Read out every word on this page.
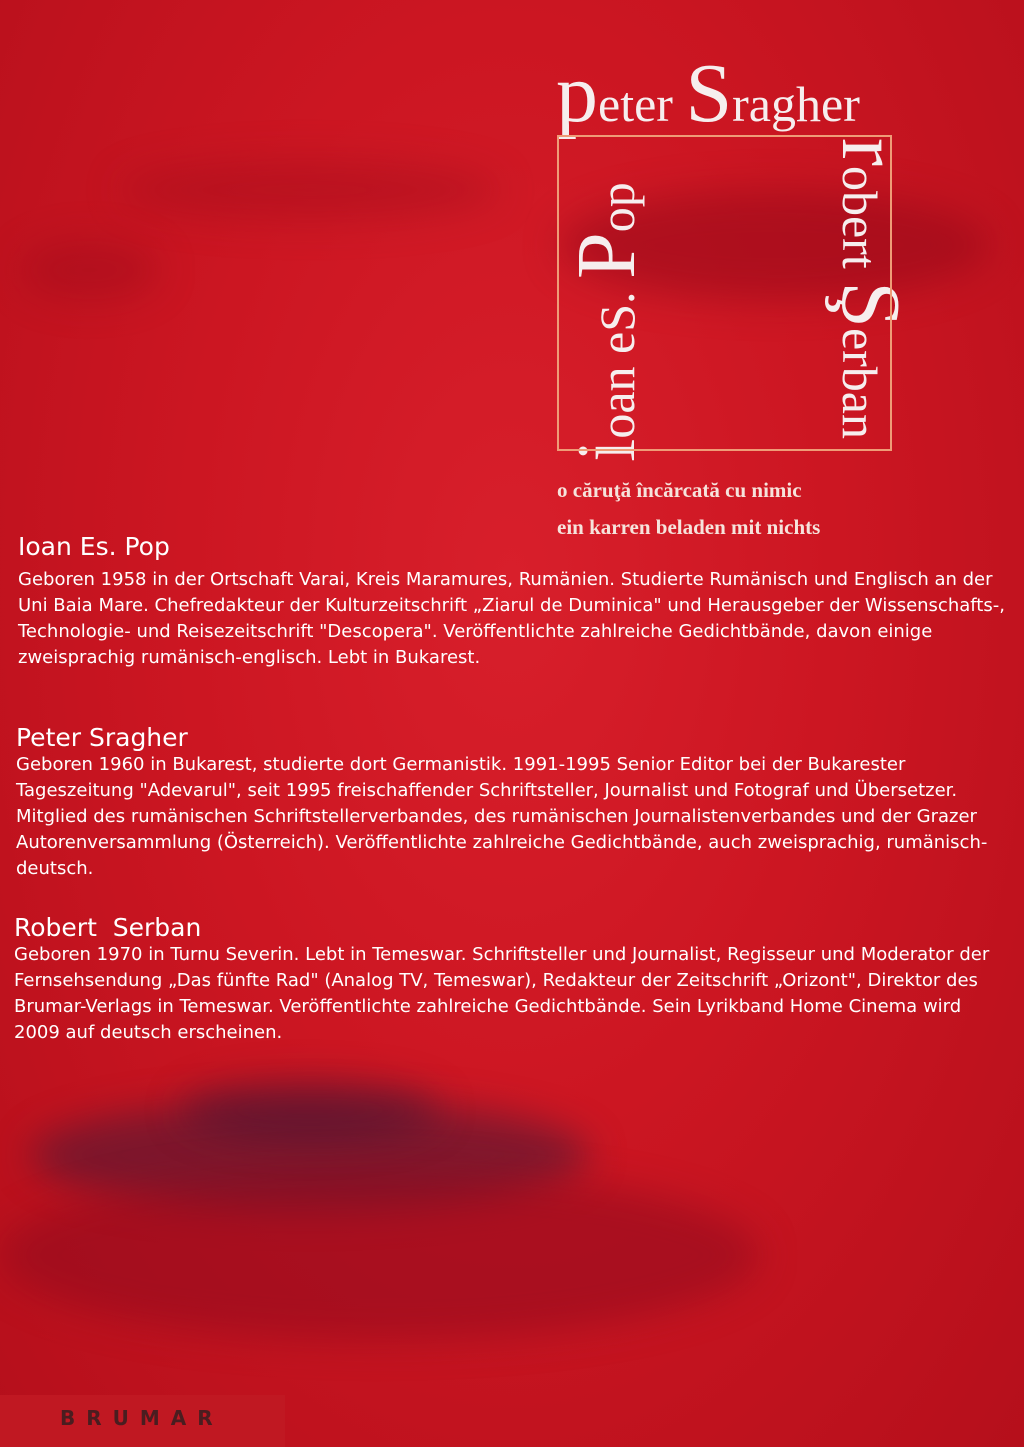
peter Sragher
ioan eS. Pop
robert Şerban
o căruţă încărcată cu nimic
ein karren beladen mit nichts
Ioan Es. Pop

Geboren 1958 in der Ortschaft Varai, Kreis Maramures, Rumänien. Studierte Rumänisch und Englisch an der Uni Baia Mare. Chefredakteur der Kulturzeitschrift „Ziarul de Duminica" und Herausgeber der Wissenschafts-, Technologie- und Reisezeitschrift "Descopera". Veröffentlichte zahlreiche Gedichtbände, davon einige zweisprachig rumänisch-englisch. Lebt in Bukarest.

Peter Sragher

Geboren 1960 in Bukarest, studierte dort Germanistik. 1991-1995 Senior Editor bei der Bukarester Tageszeitung "Adevarul", seit 1995 freischaffender Schriftsteller, Journalist und Fotograf und Übersetzer. Mitglied des rumänischen Schriftstellerverbandes, des rumänischen Journalistenverbandes und der Grazer Autorenversammlung (Österreich). Veröffentlichte zahlreiche Gedichtbände, auch zweisprachig, rumänisch-deutsch.

Robert  Serban

Geboren 1970 in Turnu Severin. Lebt in Temeswar. Schriftsteller und Journalist, Regisseur und Moderator der Fernsehsendung „Das fünfte Rad" (Analog TV, Temeswar), Redakteur der Zeitschrift „Orizont", Direktor des Brumar-Verlags in Temeswar. Veröffentlichte zahlreiche Gedichtbände. Sein Lyrikband Home Cinema wird 2009 auf deutsch erscheinen.

BRUMAR
